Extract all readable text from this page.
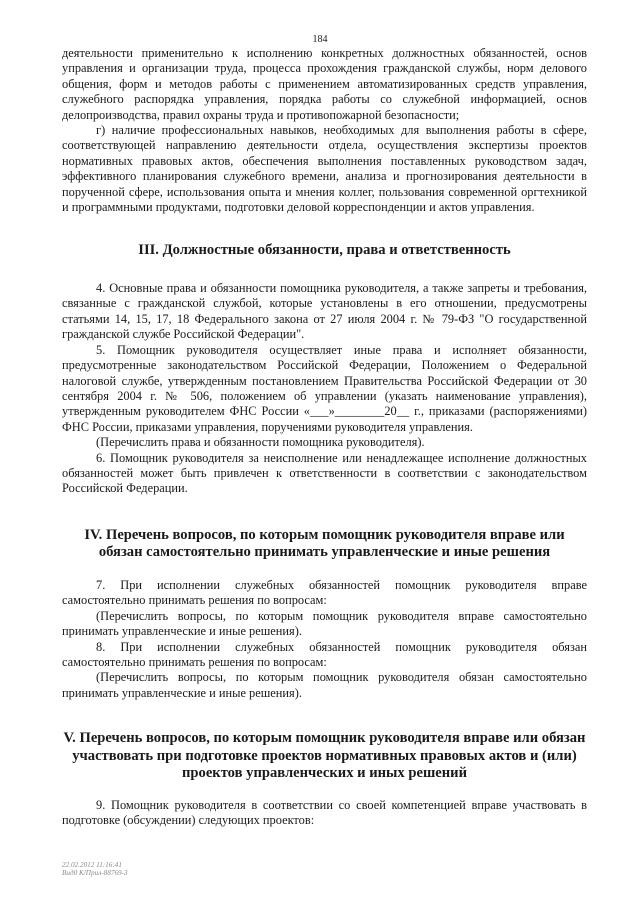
184

деятельности применительно к исполнению конкретных должностных обязанностей, основ управления и организации труда, процесса прохождения гражданской службы, норм делового общения, форм и методов работы с применением автоматизированных средств управления, служебного распорядка управления, порядка работы со служебной информацией, основ делопроизводства, правил охраны труда и противопожарной безопасности;

г) наличие профессиональных навыков, необходимых для выполнения работы в сфере, соответствующей направлению деятельности отдела, осуществления экспертизы проектов нормативных правовых актов, обеспечения выполнения поставленных руководством задач, эффективного планирования служебного времени, анализа и прогнозирования деятельности в порученной сфере, использования опыта и мнения коллег, пользования современной оргтехникой и программными продуктами, подготовки деловой корреспонденции и актов управления.

III. Должностные обязанности, права и ответственность

4. Основные права и обязанности помощника руководителя, а также запреты и требования, связанные с гражданской службой, которые установлены в его отношении, предусмотрены статьями 14, 15, 17, 18 Федерального закона от 27 июля 2004 г. № 79-ФЗ "О государственной гражданской службе Российской Федерации".

5. Помощник руководителя осуществляет иные права и исполняет обязанности, предусмотренные законодательством Российской Федерации, Положением о Федеральной налоговой службе, утвержденным постановлением Правительства Российской Федерации от 30 сентября 2004 г. № 506, положением об управлении (указать наименование управления), утвержденным руководителем ФНС России «___»________20__ г., приказами (распоряжениями) ФНС России, приказами управления, поручениями руководителя управления.

(Перечислить права и обязанности помощника руководителя).

6. Помощник руководителя за неисполнение или ненадлежащее исполнение должностных обязанностей может быть привлечен к ответственности в соответствии с законодательством Российской Федерации.

IV. Перечень вопросов, по которым помощник руководителя вправе или обязан самостоятельно принимать управленческие и иные решения

7. При исполнении служебных обязанностей помощник руководителя вправе самостоятельно принимать решения по вопросам:

(Перечислить вопросы, по которым помощник руководителя вправе самостоятельно принимать управленческие и иные решения).

8. При исполнении служебных обязанностей помощник руководителя обязан самостоятельно принимать решения по вопросам:

(Перечислить вопросы, по которым помощник руководителя обязан самостоятельно принимать управленческие и иные решения).

V. Перечень вопросов, по которым помощник руководителя вправе или обязан участвовать при подготовке проектов нормативных правовых актов и (или) проектов управленческих и иных решений

9. Помощник руководителя в соответствии со своей компетенцией вправе участвовать в подготовке (обсуждении) следующих проектов:

22.02.2012 11:16:41
Вид0 К/Прил-88769-3
